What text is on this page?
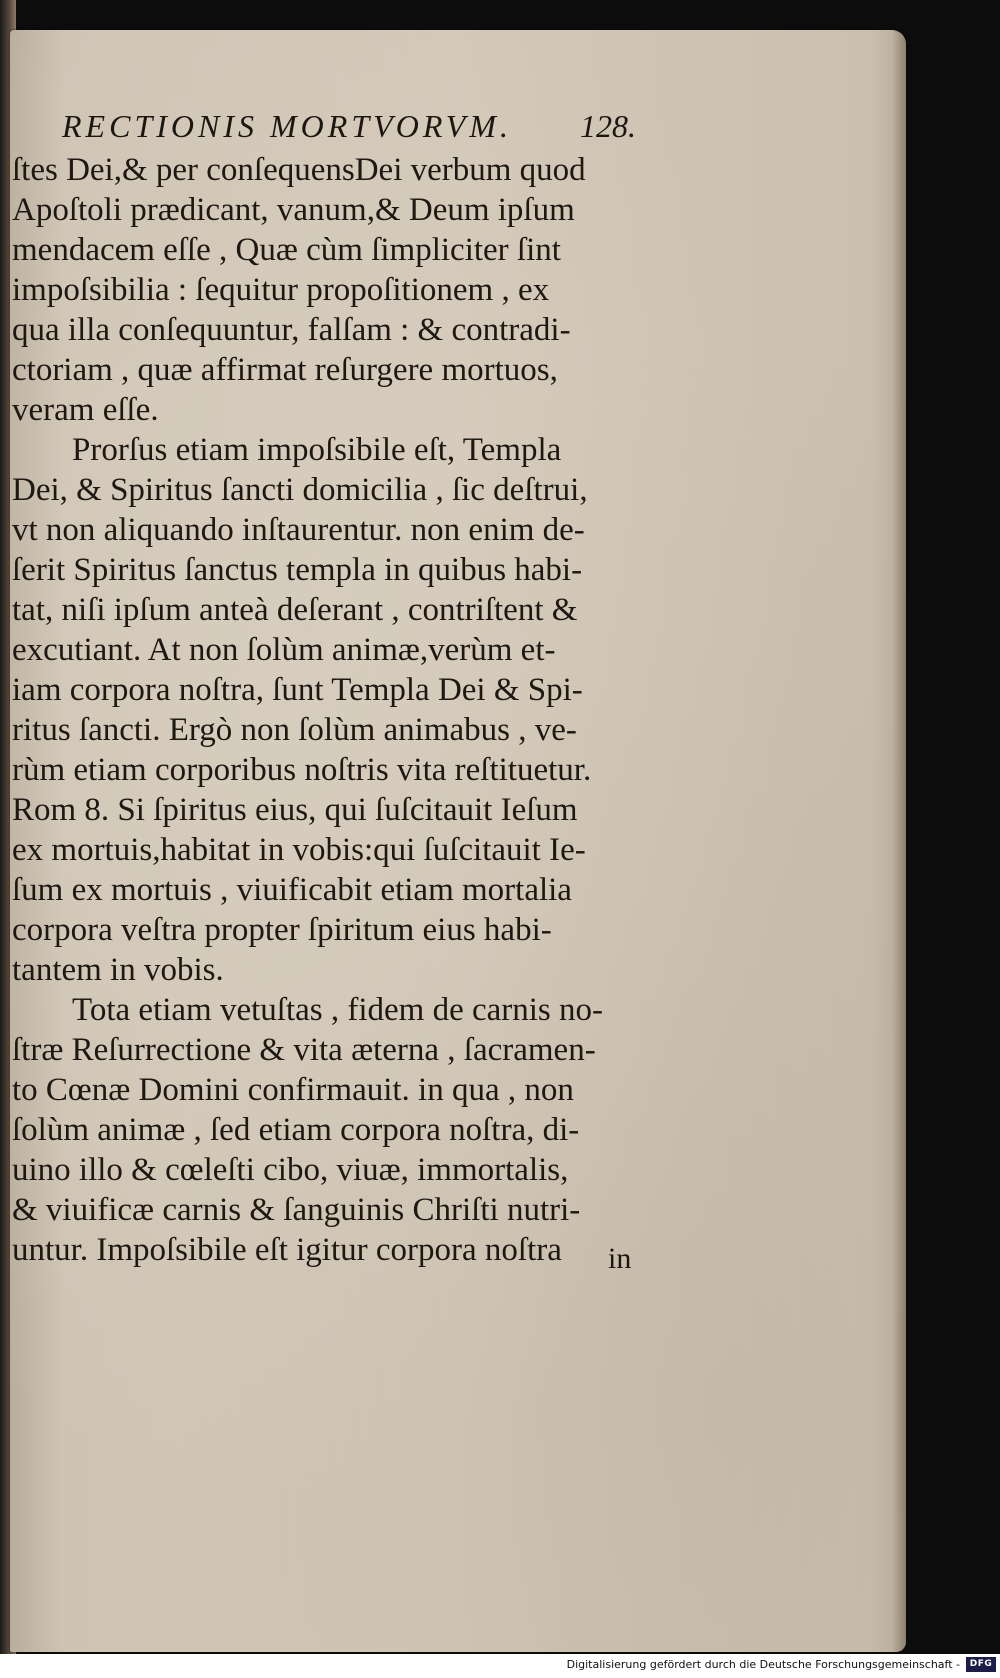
RECTIONIS MORTVORVM.	128.
ſtes Dei,& per conſequensDei verbum quod
Apoſtoli prædicant, vanum,& Deum ipſum
mendacem eſſe , Quæ cùm ſimpliciter ſint
impoſsibilia : ſequitur propoſitionem , ex
qua illa conſequuntur, falſam : & contradi-
ctoriam , quæ affirmat reſurgere mortuos,
veram eſſe.
Prorſus etiam impoſsibile eſt, Templa
Dei, & Spiritus ſancti domicilia , ſic deſtrui,
vt non aliquando inſtaurentur. non enim de-
ſerit Spiritus ſanctus templa in quibus habi-
tat, niſi ipſum anteà deſerant , contriſtent &
excutiant. At non ſolùm animæ,verùm et-
iam corpora noſtra, ſunt Templa Dei & Spi-
ritus ſancti. Ergò non ſolùm animabus , ve-
rùm etiam corporibus noſtris vita reſtituetur.
Rom 8. Si ſpiritus eius, qui ſuſcitauit Ieſum
ex mortuis,habitat in vobis:qui ſuſcitauit Ie-
ſum ex mortuis , viuificabit etiam mortalia
corpora veſtra propter ſpiritum eius habi-
tantem in vobis.
Tota etiam vetuſtas , fidem de carnis no-
ſtræ Reſurrectione & vita æterna , ſacramen-
to Cœnæ Domini confirmauit. in qua , non
ſolùm animæ , ſed etiam corpora noſtra, di-
uino illo & cœleſti cibo, viuæ, immortalis,
& viuificæ carnis & ſanguinis Chriſti nutri-
untur. Impoſsibile eſt igitur corpora noſtra in
Digitalisierung gefördert durch die Deutsche Forschungsgemeinschaft -	DFG
